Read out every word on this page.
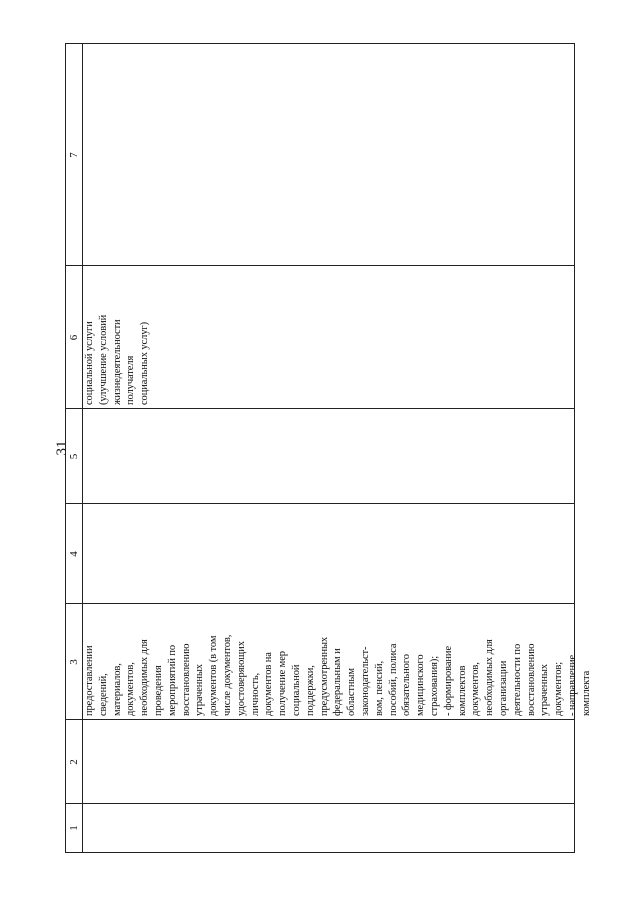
31
1
2
3 предоставлении сведений, материалов, документов, необходимых для проведения мероприятий по восстановлению утраченных документов (в том числе документов, удостоверяющих личность, документов на получение мер социальной поддержки, предусмотренных федеральным и областным законодательст- вом, пенсий, пособий, полиса обязательного медицинского страхования); - формирование комплектов документов, необходимых для организации деятельности по восстановлению утраченных документов; - направление комплекта
4
5
6 социальной услуги (улучшение условий жизнедеятельности получателя социальных услуг)
7
